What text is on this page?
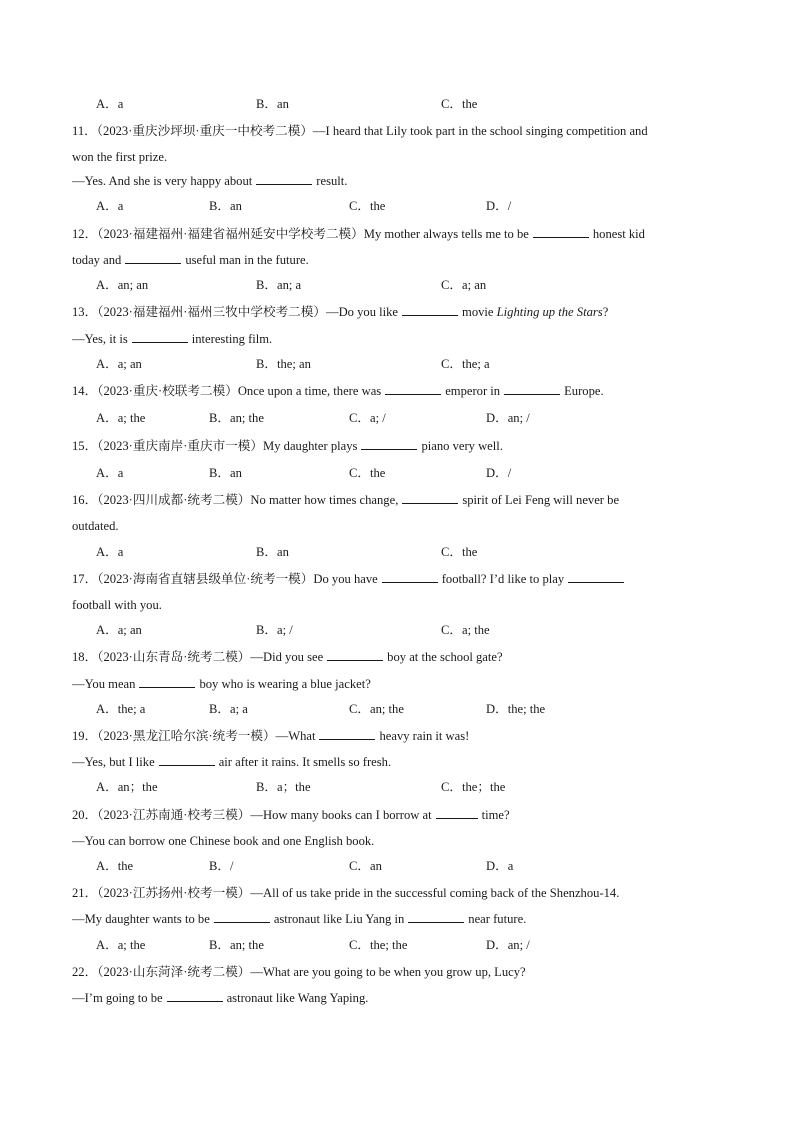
A．a	B．an	C．the
11．（2023·重庆沙坪坝·重庆一中校考二模）—I heard that Lily took part in the school singing competition and
won the first prize.
—Yes. And she is very happy about	result.
A．a	B．an	C．the	D．/
12．（2023·福建福州·福建省福州延安中学校考二模）My mother always tells me to be	honest kid
today and	useful man in the future.
A．an; an	B．an; a	C．a; an
13．（2023·福建福州·福州三牧中学校考二模）—Do you like	movie Lighting up the Stars?
—Yes, it is	interesting film.
A．a; an	B．the; an	C．the; a
14．（2023·重庆·校联考二模）Once upon a time, there was	emperor in	Europe.
A．a; the	B．an; the	C．a; /	D．an; /
15．（2023·重庆南岸·重庆市一模）My daughter plays	piano very well.
A．a	B．an	C．the	D．/
16．（2023·四川成都·统考二模）No matter how times change,	spirit of Lei Feng will never be
outdated.
A．a	B．an	C．the
17．（2023·海南省直辖县级单位·统考一模）Do you have	football? I’d like to play
football with you.
A．a; an	B．a; /	C．a; the
18．（2023·山东青岛·统考二模）—Did you see	boy at the school gate?
—You mean	boy who is wearing a blue jacket?
A．the; a	B．a; a	C．an; the	D．the; the
19．（2023·黑龙江哈尔滨·统考一模）—What	heavy rain it was!
—Yes, but I like	air after it rains. It smells so fresh.
A．an；the	B．a；the	C．the；the
20．（2023·江苏南通·校考三模）—How many books can I borrow at	time?
—You can borrow one Chinese book and one English book.
A．the	B．/	C．an	D．a
21．（2023·江苏扬州·校考一模）—All of us take pride in the successful coming back of the Shenzhou-14.
—My daughter wants to be	astronaut like Liu Yang in	near future.
A．a; the	B．an; the	C．the; the	D．an; /
22．（2023·山东菏泽·统考二模）—What are you going to be when you grow up, Lucy?
—I’m going to be	astronaut like Wang Yaping.
